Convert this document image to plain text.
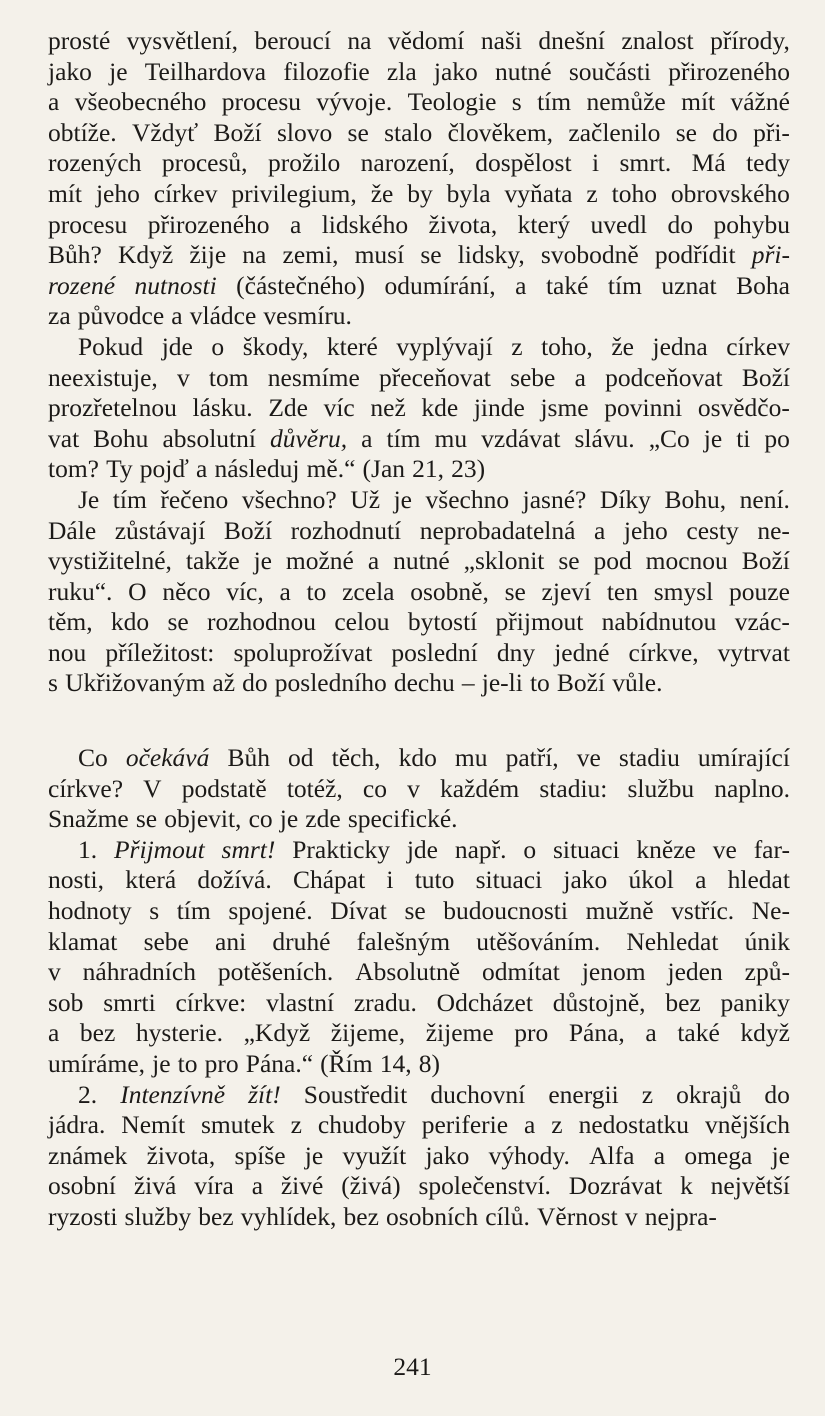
prosté vysvětlení, beroucí na vědomí naši dnešní znalost přírody,
jako je Teilhardova filozofie zla jako nutné součásti přirozeného
a všeobecného procesu vývoje. Teologie s tím nemůže mít vážné
obtíže. Vždyť Boží slovo se stalo člověkem, začlenilo se do při-
rozených procesů, prožilo narození, dospělost i smrt. Má tedy
mít jeho církev privilegium, že by byla vyňata z toho obrovského
procesu přirozeného a lidského života, který uvedl do pohybu
Bůh? Když žije na zemi, musí se lidsky, svobodně podřídit při-
rozené nutnosti (částečného) odumírání, a také tím uznat Boha
za původce a vládce vesmíru.
Pokud jde o škody, které vyplývají z toho, že jedna církev
neexistuje, v tom nesmíme přeceňovat sebe a podceňovat Boží
prozřetelnou lásku. Zde víc než kde jinde jsme povinni osvědčo-
vat Bohu absolutní důvěru, a tím mu vzdávat slávu. „Co je ti po
tom? Ty pojď a následuj mě.“ (Jan 21, 23)
Je tím řečeno všechno? Už je všechno jasné? Díky Bohu, není.
Dále zůstávají Boží rozhodnutí neprobadatelná a jeho cesty ne-
vystižitelné, takže je možné a nutné „sklonit se pod mocnou Boží
ruku“. O něco víc, a to zcela osobně, se zjeví ten smysl pouze
těm, kdo se rozhodnou celou bytostí přijmout nabídnutou vzác-
nou příležitost: spoluprožívat poslední dny jedné církve, vytrvat
s Ukřižovaným až do posledního dechu – je-li to Boží vůle.
Co očekává Bůh od těch, kdo mu patří, ve stadiu umírající
církve? V podstatě totéž, co v každém stadiu: službu naplno.
Snažme se objevit, co je zde specifické.
1. Přijmout smrt! Prakticky jde např. o situaci kněze ve far-
nosti, která dožívá. Chápat i tuto situaci jako úkol a hledat
hodnoty s tím spojené. Dívat se budoucnosti mužně vstříc. Ne-
klamat sebe ani druhé falešným utěšováním. Nehledat únik
v náhradních potěšeních. Absolutně odmítat jenom jeden způ-
sob smrti církve: vlastní zradu. Odcházet důstojně, bez paniky
a bez hysterie. „Když žijeme, žijeme pro Pána, a také když
umíráme, je to pro Pána.“ (Řím 14, 8)
2. Intenzívně žít! Soustředit duchovní energii z okrajů do
jádra. Nemít smutek z chudoby periferie a z nedostatku vnějších
známek života, spíše je využít jako výhody. Alfa a omega je
osobní živá víra a živé (živá) společenství. Dozrávat k největší
ryzosti služby bez vyhlídek, bez osobních cílů. Věrnost v nejpra-
241
